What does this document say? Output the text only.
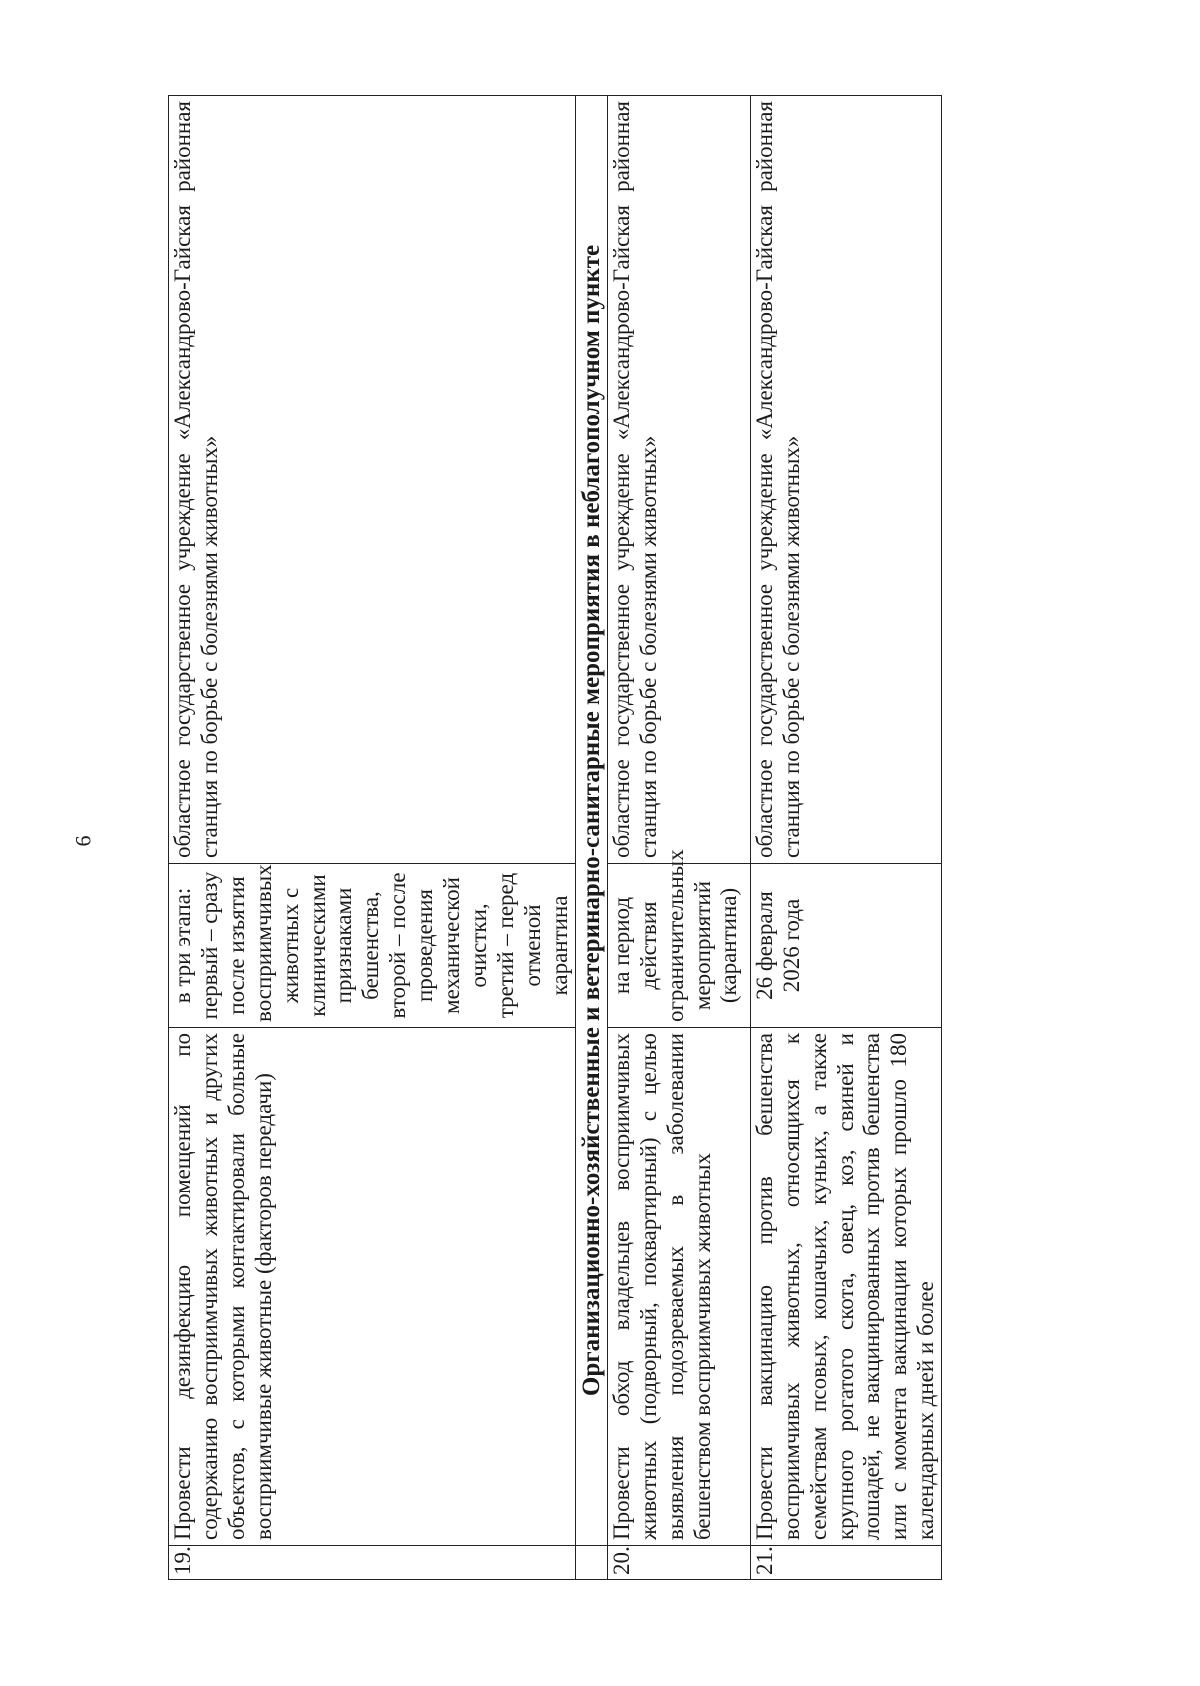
6
19.	Провести дезинфекцию помещений по содержанию восприимчивых животных и других объектов, с которыми контактировали больные восприимчивые животные (факторов передачи)	в три этапа: первый – сразу после изъятия восприимчивых животных с клиническими признаками бешенства, второй – после проведения механической очистки, третий – перед отменой карантина	областное государственное учреждение «Александрово-Гайская районная станция по борьбе с болезнями животных»
	Организационно-хозяйственные и ветеринарно-санитарные мероприятия в неблагополучном пункте		
20.	Провести обход владельцев восприимчивых животных (подворный, поквартирный) с целью выявления подозреваемых в заболевании бешенством восприимчивых животных	на период действия ограничительных мероприятий (карантина)	областное государственное учреждение «Александрово-Гайская районная станция по борьбе с болезнями животных»
21.	Провести вакцинацию против бешенства восприимчивых животных, относящихся к семействам псовых, кошачьих, куньих, а также крупного рогатого скота, овец, коз, свиней и лошадей, не вакцинированных против бешенства или с момента вакцинации которых прошло 180 календарных дней и более	26 февраля 2026 года	областное государственное учреждение «Александрово-Гайская районная станция по борьбе с болезнями животных»
